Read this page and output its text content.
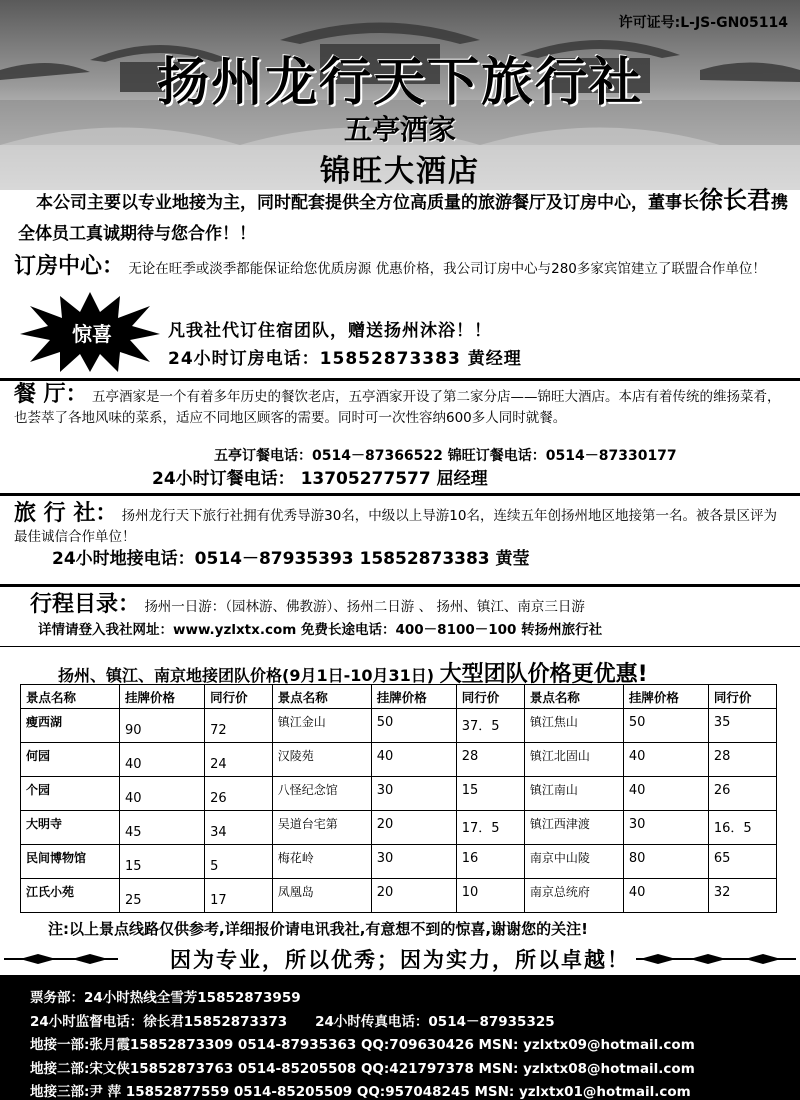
许可证号:L-JS-GN05114
扬州龙行天下旅行社
五亭酒家
锦旺大酒店
本公司主要以专业地接为主，同时配套提供全方位高质量的旅游餐厅及订房中心，董事长徐长君携全体员工真诚期待与您合作！！
订房中心： 无论在旺季或淡季都能保证给您优质房源 优惠价格，我公司订房中心与280多家宾馆建立了联盟合作单位！
惊喜	凡我社代订住宿团队，赠送扬州沐浴！！
24小时订房电话：15852873383 黄经理
餐 厅： 五亭酒家是一个有着多年历史的餐饮老店，五亭酒家开设了第二家分店——锦旺大酒店。本店有着传统的维扬菜肴，也荟萃了各地风味的菜系，适应不同地区顾客的需要。同时可一次性容纳600多人同时就餐。
五亭订餐电话：0514－87366522 锦旺订餐电话：0514－87330177
24小时订餐电话： 13705277577 屈经理
旅 行 社： 扬州龙行天下旅行社拥有优秀导游30名，中级以上导游10名，连续五年创扬州地区地接第一名。被各景区评为最佳诚信合作单位！
24小时地接电话：0514－87935393 15852873383 黄莹
行程目录： 扬州一日游：（园林游、佛教游）、扬州二日游 、 扬州、镇江、南京三日游
详情请登入我社网址：www.yzlxtx.com 免费长途电话：400－8100－100 转扬州旅行社
扬州、镇江、南京地接团队价格(9月1日-10月31日) 大型团队价格更优惠!
景点名称	挂牌价格	同行价	景点名称	挂牌价格	同行价	景点名称	挂牌价格	同行价
瘦西湖	90	72	镇江金山	50	37．5	镇江焦山	50	35
何园	40	24	汉陵苑	40	28	镇江北固山	40	28
个园	40	26	八怪纪念馆	30	15	镇江南山	40	26
大明寺	45	34	吴道台宅第	20	17．5	镇江西津渡	30	16．5
民间博物馆	15	5	梅花岭	30	16	南京中山陵	80	65
江氏小苑	25	17	凤凰岛	20	10	南京总统府	40	32
注:以上景点线路仅供参考,详细报价请电讯我社,有意想不到的惊喜,谢谢您的关注!
因为专业，所以优秀；因为实力，所以卓越！
票务部：24小时热线全雪芳15852873959
24小时监督电话：徐长君15852873373 24小时传真电话：0514－87935325
地接一部:张月霞15852873309 0514-87935363 QQ:709630426 MSN: yzlxtx09@hotmail.com
地接二部:宋文侠15852873763 0514-85205508 QQ:421797378 MSN: yzlxtx08@hotmail.com
地接三部:尹 萍 15852877559 0514-85205509 QQ:957048245 MSN: yzlxtx01@hotmail.com
